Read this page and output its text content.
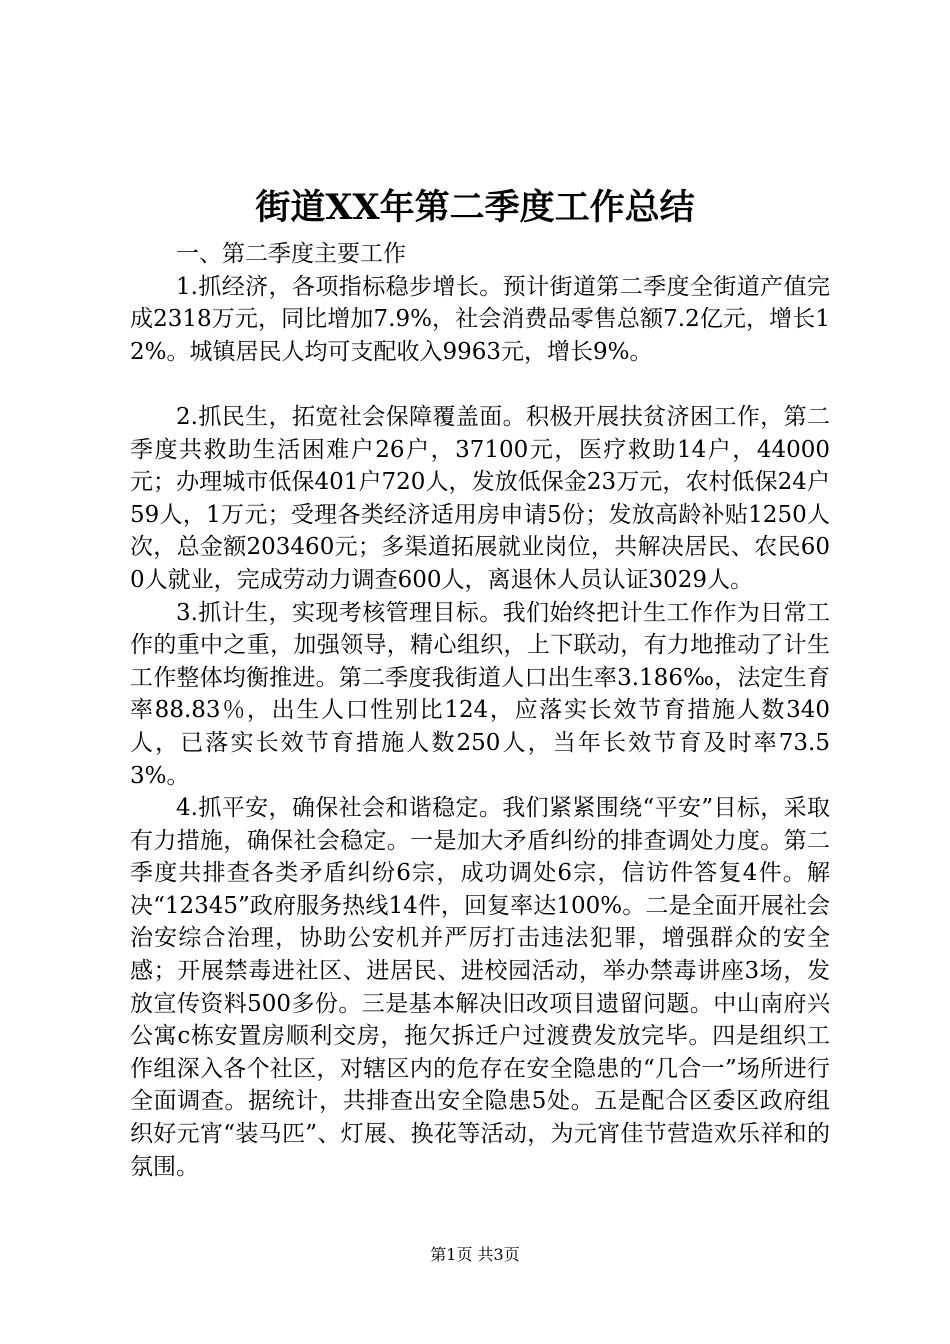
街道XX年第二季度工作总结

一、第二季度主要工作

1.抓经济，各项指标稳步增长。预计街道第二季度全街道产值完成2318万元，同比增加7.9%，社会消费品零售总额7.2亿元，增长12%。城镇居民人均可支配收入9963元，增长9%。

2.抓民生，拓宽社会保障覆盖面。积极开展扶贫济困工作，第二季度共救助生活困难户26户，37100元，医疗救助14户，44000元；办理城市低保401户720人，发放低保金23万元，农村低保24户59人，1万元；受理各类经济适用房申请5份；发放高龄补贴1250人次，总金额203460元；多渠道拓展就业岗位，共解决居民、农民600人就业，完成劳动力调查600人，离退休人员认证3029人。

3.抓计生，实现考核管理目标。我们始终把计生工作作为日常工作的重中之重，加强领导，精心组织，上下联动，有力地推动了计生工作整体均衡推进。第二季度我街道人口出生率3.186‰，法定生育率88.83％，出生人口性别比124，应落实长效节育措施人数340人，已落实长效节育措施人数250人，当年长效节育及时率73.53%。

4.抓平安，确保社会和谐稳定。我们紧紧围绕“平安”目标，采取有力措施，确保社会稳定。一是加大矛盾纠纷的排查调处力度。第二季度共排查各类矛盾纠纷6宗，成功调处6宗，信访件答复4件。解决“12345”政府服务热线14件，回复率达100%。二是全面开展社会治安综合治理，协助公安机并严厉打击违法犯罪，增强群众的安全感；开展禁毒进社区、进居民、进校园活动，举办禁毒讲座3场，发放宣传资料500多份。三是基本解决旧改项目遗留问题。中山南府兴公寓c栋安置房顺利交房，拖欠拆迁户过渡费发放完毕。四是组织工作组深入各个社区，对辖区内的危存在安全隐患的“几合一”场所进行全面调查。据统计，共排查出安全隐患5处。五是配合区委区政府组织好元宵“装马匹”、灯展、换花等活动，为元宵佳节营造欢乐祥和的氛围。

第1页 共3页
